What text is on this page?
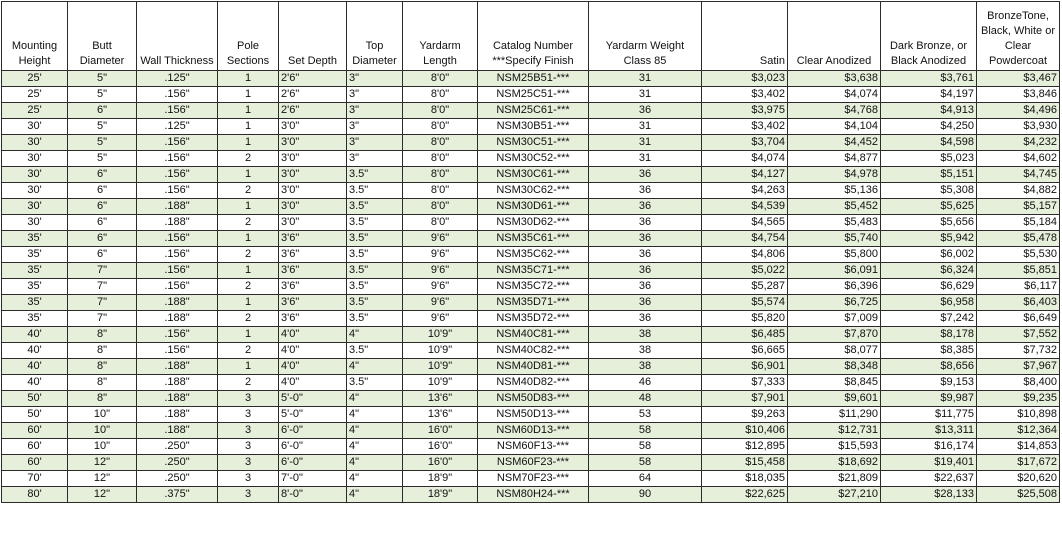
Mounting Height	Butt Diameter	Wall Thickness	Pole Sections	Set Depth	Top Diameter	Yardarm Length	Catalog Number ***Specify Finish	Yardarm Weight Class 85	Satin	Clear Anodized	Dark Bronze, or Black Anodized	BronzeTone, Black, White or Clear Powdercoat
25'	5"	.125"	1	2'6"	3"	8'0"	NSM25B51-***	31	$3,023	$3,638	$3,761	$3,467
25'	5"	.156"	1	2'6"	3"	8'0"	NSM25C51-***	31	$3,402	$4,074	$4,197	$3,846
25'	6"	.156"	1	2'6"	3"	8'0"	NSM25C61-***	36	$3,975	$4,768	$4,913	$4,496
30'	5"	.125"	1	3'0"	3"	8'0"	NSM30B51-***	31	$3,402	$4,104	$4,250	$3,930
30'	5"	.156"	1	3'0"	3"	8'0"	NSM30C51-***	31	$3,704	$4,452	$4,598	$4,232
30'	5"	.156"	2	3'0"	3"	8'0"	NSM30C52-***	31	$4,074	$4,877	$5,023	$4,602
30'	6"	.156"	1	3'0"	3.5"	8'0"	NSM30C61-***	36	$4,127	$4,978	$5,151	$4,745
30'	6"	.156"	2	3'0"	3.5"	8'0"	NSM30C62-***	36	$4,263	$5,136	$5,308	$4,882
30'	6"	.188"	1	3'0"	3.5"	8'0"	NSM30D61-***	36	$4,539	$5,452	$5,625	$5,157
30'	6"	.188"	2	3'0"	3.5"	8'0"	NSM30D62-***	36	$4,565	$5,483	$5,656	$5,184
35'	6"	.156"	1	3'6"	3.5"	9'6"	NSM35C61-***	36	$4,754	$5,740	$5,942	$5,478
35'	6"	.156"	2	3'6"	3.5"	9'6"	NSM35C62-***	36	$4,806	$5,800	$6,002	$5,530
35'	7"	.156"	1	3'6"	3.5"	9'6"	NSM35C71-***	36	$5,022	$6,091	$6,324	$5,851
35'	7"	.156"	2	3'6"	3.5"	9'6"	NSM35C72-***	36	$5,287	$6,396	$6,629	$6,117
35'	7"	.188"	1	3'6"	3.5"	9'6"	NSM35D71-***	36	$5,574	$6,725	$6,958	$6,403
35'	7"	.188"	2	3'6"	3.5"	9'6"	NSM35D72-***	36	$5,820	$7,009	$7,242	$6,649
40'	8"	.156"	1	4'0"	4"	10'9"	NSM40C81-***	38	$6,485	$7,870	$8,178	$7,552
40'	8"	.156"	2	4'0"	3.5"	10'9"	NSM40C82-***	38	$6,665	$8,077	$8,385	$7,732
40'	8"	.188"	1	4'0"	4"	10'9"	NSM40D81-***	38	$6,901	$8,348	$8,656	$7,967
40'	8"	.188"	2	4'0"	3.5"	10'9"	NSM40D82-***	46	$7,333	$8,845	$9,153	$8,400
50'	8"	.188"	3	5'-0"	4"	13'6"	NSM50D83-***	48	$7,901	$9,601	$9,987	$9,235
50'	10"	.188"	3	5'-0"	4"	13'6"	NSM50D13-***	53	$9,263	$11,290	$11,775	$10,898
60'	10"	.188"	3	6'-0"	4"	16'0"	NSM60D13-***	58	$10,406	$12,731	$13,311	$12,364
60'	10"	.250"	3	6'-0"	4"	16'0"	NSM60F13-***	58	$12,895	$15,593	$16,174	$14,853
60'	12"	.250"	3	6'-0"	4"	16'0"	NSM60F23-***	58	$15,458	$18,692	$19,401	$17,672
70'	12"	.250"	3	7'-0"	4"	18'9"	NSM70F23-***	64	$18,035	$21,809	$22,637	$20,620
80'	12"	.375"	3	8'-0"	4"	18'9"	NSM80H24-***	90	$22,625	$27,210	$28,133	$25,508
